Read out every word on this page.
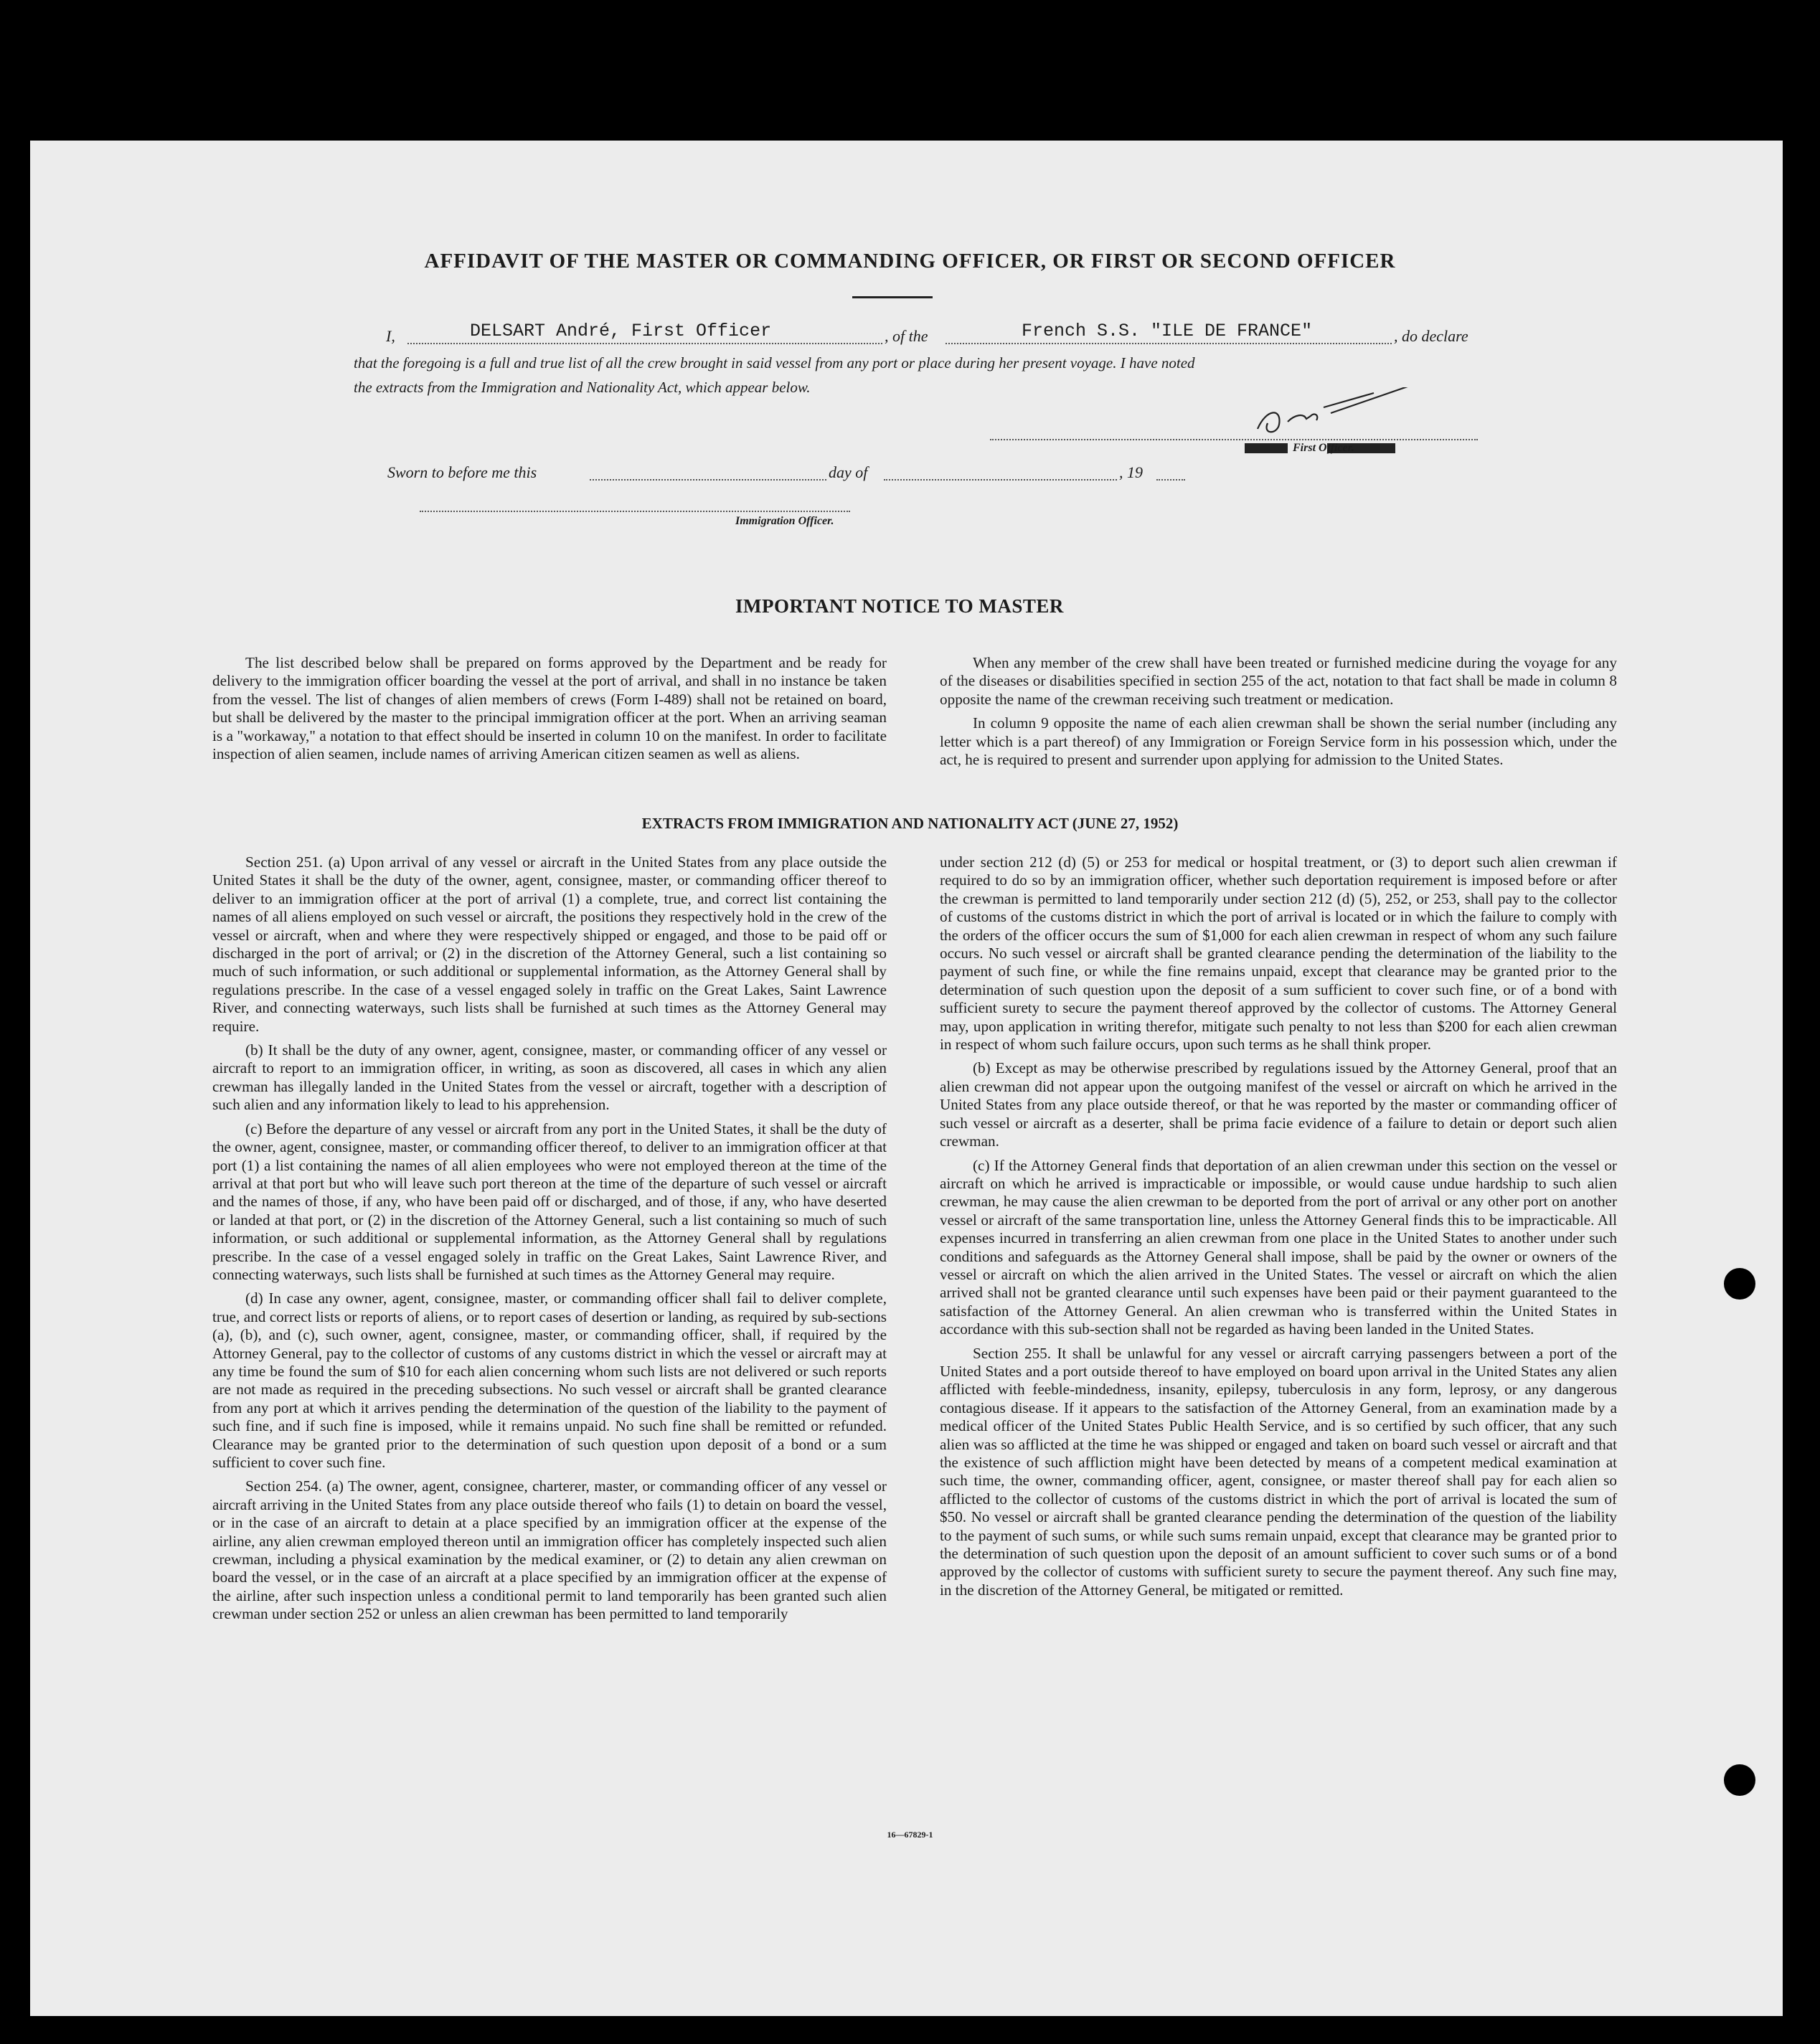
AFFIDAVIT OF THE MASTER OR COMMANDING OFFICER, OR FIRST OR SECOND OFFICER
I,	DELSART André, First Officer	, of the	French S.S. "ILE DE FRANCE"	, do declare
that the foregoing is a full and true list of all the crew brought in said vessel from any port or place during her present voyage. I have noted
the extracts from the Immigration and Nationality Act, which appear below.
First Officer.
Sworn to before me this	day of	, 19
Immigration Officer.
IMPORTANT NOTICE TO MASTER

The list described below shall be prepared on forms approved by the Department and be ready for delivery to the immigration officer boarding the vessel at the port of arrival, and shall in no instance be taken from the vessel. The list of changes of alien members of crews (Form I-489) shall not be retained on board, but shall be delivered by the master to the principal immigration officer at the port. When an arriving seaman is a "workaway," a notation to that effect should be inserted in column 10 on the manifest. In order to facilitate inspection of alien seamen, include names of arriving American citizen seamen as well as aliens.

When any member of the crew shall have been treated or furnished medicine during the voyage for any of the diseases or disabilities specified in section 255 of the act, notation to that fact shall be made in column 8 opposite the name of the crewman receiving such treatment or medication.

In column 9 opposite the name of each alien crewman shall be shown the serial number (including any letter which is a part thereof) of any Immigration or Foreign Service form in his possession which, under the act, he is required to present and surrender upon applying for admission to the United States.

EXTRACTS FROM IMMIGRATION AND NATIONALITY ACT (JUNE 27, 1952)

Section 251. (a) Upon arrival of any vessel or aircraft in the United States from any place outside the United States it shall be the duty of the owner, agent, consignee, master, or commanding officer thereof to deliver to an immigration officer at the port of arrival (1) a complete, true, and correct list containing the names of all aliens employed on such vessel or aircraft, the positions they respectively hold in the crew of the vessel or aircraft, when and where they were respectively shipped or engaged, and those to be paid off or discharged in the port of arrival; or (2) in the discretion of the Attorney General, such a list containing so much of such information, or such additional or supplemental information, as the Attorney General shall by regulations prescribe. In the case of a vessel engaged solely in traffic on the Great Lakes, Saint Lawrence River, and connecting waterways, such lists shall be furnished at such times as the Attorney General may require.

(b) It shall be the duty of any owner, agent, consignee, master, or commanding officer of any vessel or aircraft to report to an immigration officer, in writing, as soon as discovered, all cases in which any alien crewman has illegally landed in the United States from the vessel or aircraft, together with a description of such alien and any information likely to lead to his apprehension.

(c) Before the departure of any vessel or aircraft from any port in the United States, it shall be the duty of the owner, agent, consignee, master, or commanding officer thereof, to deliver to an immigration officer at that port (1) a list containing the names of all alien employees who were not employed thereon at the time of the arrival at that port but who will leave such port thereon at the time of the departure of such vessel or aircraft and the names of those, if any, who have been paid off or discharged, and of those, if any, who have deserted or landed at that port, or (2) in the discretion of the Attorney General, such a list containing so much of such information, or such additional or supplemental information, as the Attorney General shall by regulations prescribe. In the case of a vessel engaged solely in traffic on the Great Lakes, Saint Lawrence River, and connecting waterways, such lists shall be furnished at such times as the Attorney General may require.

(d) In case any owner, agent, consignee, master, or commanding officer shall fail to deliver complete, true, and correct lists or reports of aliens, or to report cases of desertion or landing, as required by sub-sections (a), (b), and (c), such owner, agent, consignee, master, or commanding officer, shall, if required by the Attorney General, pay to the collector of customs of any customs district in which the vessel or aircraft may at any time be found the sum of $10 for each alien concerning whom such lists are not delivered or such reports are not made as required in the preceding subsections. No such vessel or aircraft shall be granted clearance from any port at which it arrives pending the determination of the question of the liability to the payment of such fine, and if such fine is imposed, while it remains unpaid. No such fine shall be remitted or refunded. Clearance may be granted prior to the determination of such question upon deposit of a bond or a sum sufficient to cover such fine.

Section 254. (a) The owner, agent, consignee, charterer, master, or commanding officer of any vessel or aircraft arriving in the United States from any place outside thereof who fails (1) to detain on board the vessel, or in the case of an aircraft to detain at a place specified by an immigration officer at the expense of the airline, any alien crewman employed thereon until an immigration officer has completely inspected such alien crewman, including a physical examination by the medical examiner, or (2) to detain any alien crewman on board the vessel, or in the case of an aircraft at a place specified by an immigration officer at the expense of the airline, after such inspection unless a conditional permit to land temporarily has been granted such alien crewman under section 252 or unless an alien crewman has been permitted to land temporarily

under section 212 (d) (5) or 253 for medical or hospital treatment, or (3) to deport such alien crewman if required to do so by an immigration officer, whether such deportation requirement is imposed before or after the crewman is permitted to land temporarily under section 212 (d) (5), 252, or 253, shall pay to the collector of customs of the customs district in which the port of arrival is located or in which the failure to comply with the orders of the officer occurs the sum of $1,000 for each alien crewman in respect of whom any such failure occurs. No such vessel or aircraft shall be granted clearance pending the determination of the liability to the payment of such fine, or while the fine remains unpaid, except that clearance may be granted prior to the determination of such question upon the deposit of a sum sufficient to cover such fine, or of a bond with sufficient surety to secure the payment thereof approved by the collector of customs. The Attorney General may, upon application in writing therefor, mitigate such penalty to not less than $200 for each alien crewman in respect of whom such failure occurs, upon such terms as he shall think proper.

(b) Except as may be otherwise prescribed by regulations issued by the Attorney General, proof that an alien crewman did not appear upon the outgoing manifest of the vessel or aircraft on which he arrived in the United States from any place outside thereof, or that he was reported by the master or commanding officer of such vessel or aircraft as a deserter, shall be prima facie evidence of a failure to detain or deport such alien crewman.

(c) If the Attorney General finds that deportation of an alien crewman under this section on the vessel or aircraft on which he arrived is impracticable or impossible, or would cause undue hardship to such alien crewman, he may cause the alien crewman to be deported from the port of arrival or any other port on another vessel or aircraft of the same transportation line, unless the Attorney General finds this to be impracticable. All expenses incurred in transferring an alien crewman from one place in the United States to another under such conditions and safeguards as the Attorney General shall impose, shall be paid by the owner or owners of the vessel or aircraft on which the alien arrived in the United States. The vessel or aircraft on which the alien arrived shall not be granted clearance until such expenses have been paid or their payment guaranteed to the satisfaction of the Attorney General. An alien crewman who is transferred within the United States in accordance with this sub-section shall not be regarded as having been landed in the United States.

Section 255. It shall be unlawful for any vessel or aircraft carrying passengers between a port of the United States and a port outside thereof to have employed on board upon arrival in the United States any alien afflicted with feeble-mindedness, insanity, epilepsy, tuberculosis in any form, leprosy, or any dangerous contagious disease. If it appears to the satisfaction of the Attorney General, from an examination made by a medical officer of the United States Public Health Service, and is so certified by such officer, that any such alien was so afflicted at the time he was shipped or engaged and taken on board such vessel or aircraft and that the existence of such affliction might have been detected by means of a competent medical examination at such time, the owner, commanding officer, agent, consignee, or master thereof shall pay for each alien so afflicted to the collector of customs of the customs district in which the port of arrival is located the sum of $50. No vessel or aircraft shall be granted clearance pending the determination of the question of the liability to the payment of such sums, or while such sums remain unpaid, except that clearance may be granted prior to the determination of such question upon the deposit of an amount sufficient to cover such sums or of a bond approved by the collector of customs with sufficient surety to secure the payment thereof. Any such fine may, in the discretion of the Attorney General, be mitigated or remitted.

16—67829-1
